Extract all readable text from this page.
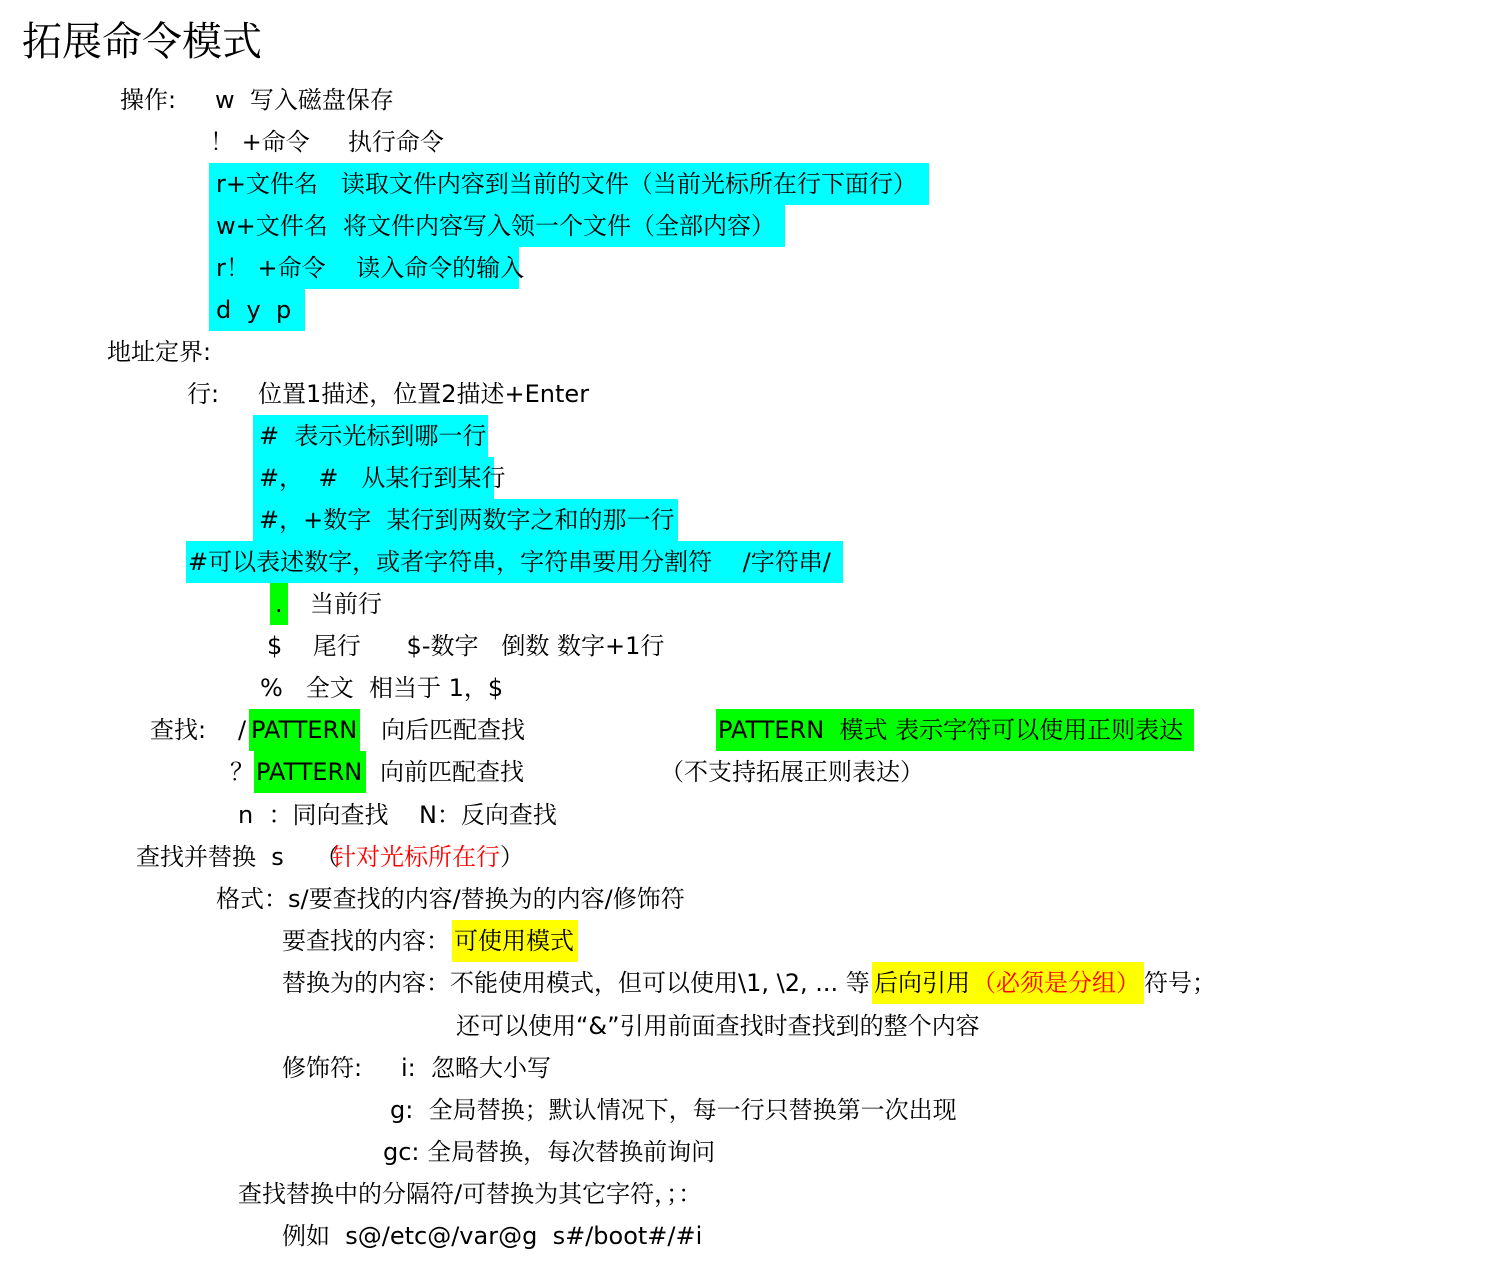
拓展命令模式
操作: w  写入磁盘保存
！ +命令     执行命令
r+文件名   读取文件内容到当前的文件（当前光标所在行下面行）
w+文件名  将文件内容写入领一个文件（全部内容）
r！ +命令    读入命令的输入
d  y  p
地址定界:
行: 位置1描述，位置2描述+Enter
#  表示光标到哪一行
#，  #   从某行到某行
#，+数字  某行到两数字之和的那一行
#可以表述数字，或者字符串，字符串要用分割符    /字符串/
. 当前行
$    尾行      $-数字   倒数 数字+1行
%   全文  相当于 1，$
查找: / PATTERN 向后匹配查找	PATTERN  模式 表示字符可以使用正则表达
？ PATTERN 向前匹配查找	（不支持拓展正则表达）
n  ：同向查找    N：反向查找
查找并替换  s （
针对光标所在行 ）
格式：s/要查找的内容/替换为的内容/修饰符
要查找的内容： 可使用模式
替换为的内容：不能使用模式，但可以使用\1, \2, ... 等 后向引用 （必须是分组） 符号；
还可以使用“&”引用前面查找时查找到的整个内容
修饰符: i:  忽略大小写
g:  全局替换；默认情况下，每一行只替换第一次出现
gc: 全局替换，每次替换前询问
查找替换中的分隔符/可替换为其它字符，；：
例如  s@/etc@/var@g  s#/boot#/#i
